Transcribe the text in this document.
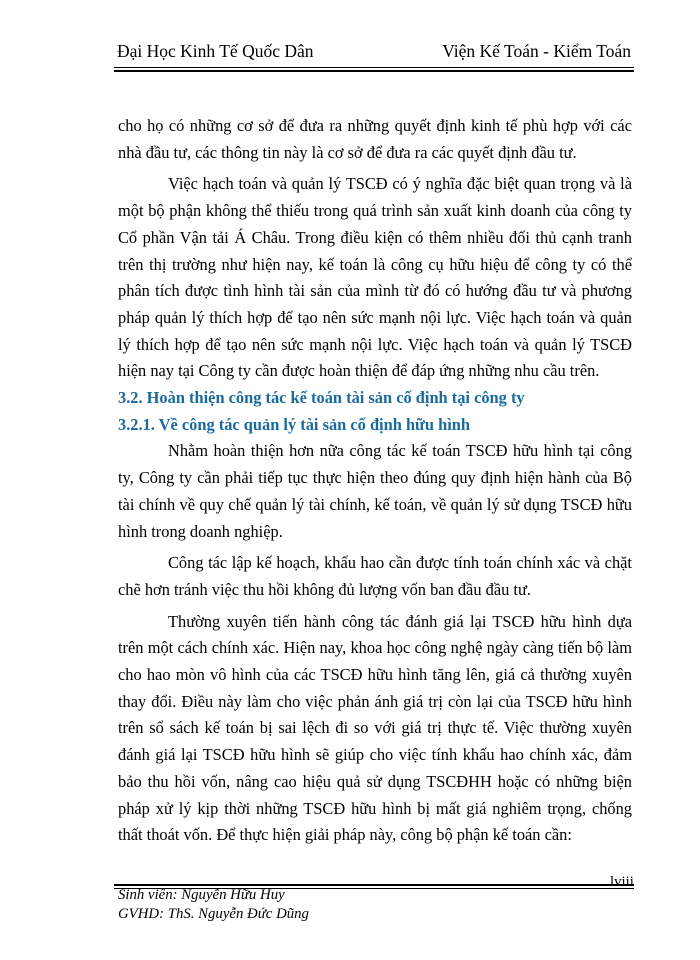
Đại Học Kinh Tế Quốc Dân	Viện Kế Toán - Kiểm Toán

cho họ có những cơ sở để đưa ra những quyết định kinh tế phù hợp với các nhà đầu tư, các thông tin này là cơ sở để đưa ra các quyết định đầu tư.

Việc hạch toán và quản lý TSCĐ có ý nghĩa đặc biệt quan trọng và là một bộ phận không thể thiếu trong quá trình sản xuất kinh doanh của công ty Cổ phần Vận tải Á Châu. Trong điều kiện có thêm nhiều đối thủ cạnh tranh trên thị trường như hiện nay, kế toán là công cụ hữu hiệu để công ty có thể phân tích được tình hình tài sản của mình từ đó có hướng đầu tư và phương pháp quản lý thích hợp để tạo nên sức mạnh nội lực. Việc hạch toán và quản lý thích hợp để tạo nên sức mạnh nội lực. Việc hạch toán và quản lý TSCĐ hiện nay tại Công ty cần được hoàn thiện để đáp ứng những nhu cầu trên.

3.2. Hoàn thiện công tác kế toán tài sản cố định tại công ty

3.2.1. Về công tác quản lý tài sản cố định hữu hình

Nhằm hoàn thiện hơn nữa công tác kế toán TSCĐ hữu hình tại công ty, Công ty cần phải tiếp tục thực hiện theo đúng quy định hiện hành của Bộ tài chính về quy chế quản lý tài chính, kế toán, về quản lý sử dụng TSCĐ hữu hình trong doanh nghiệp.

Công tác lập kế hoạch, khấu hao cần được tính toán chính xác và chặt chẽ hơn tránh việc thu hồi không đủ lượng vốn ban đầu đầu tư.

Thường xuyên tiến hành công tác đánh giá lại TSCĐ hữu hình dựa trên một cách chính xác. Hiện nay, khoa học công nghệ ngày càng tiến bộ làm cho hao mòn vô hình của các TSCĐ hữu hình tăng lên, giá cả thường xuyên thay đổi. Điều này làm cho việc phản ánh giá trị còn lại của TSCĐ hữu hình trên sổ sách kế toán bị sai lệch đi so với giá trị thực tế. Việc thường xuyên đánh giá lại TSCĐ hữu hình sẽ giúp cho việc tính khấu hao chính xác, đảm bảo thu hồi vốn, nâng cao hiệu quả sử dụng TSCĐHH hoặc có những biện pháp xử lý kịp thời những TSCĐ hữu hình bị mất giá nghiêm trọng, chống thất thoát vốn. Để thực hiện giải pháp này, công bộ phận kế toán cần:

Sinh viên: Nguyễn Hữu Huy
GVHD: ThS. Nguyễn Đức Dũng
lviii
